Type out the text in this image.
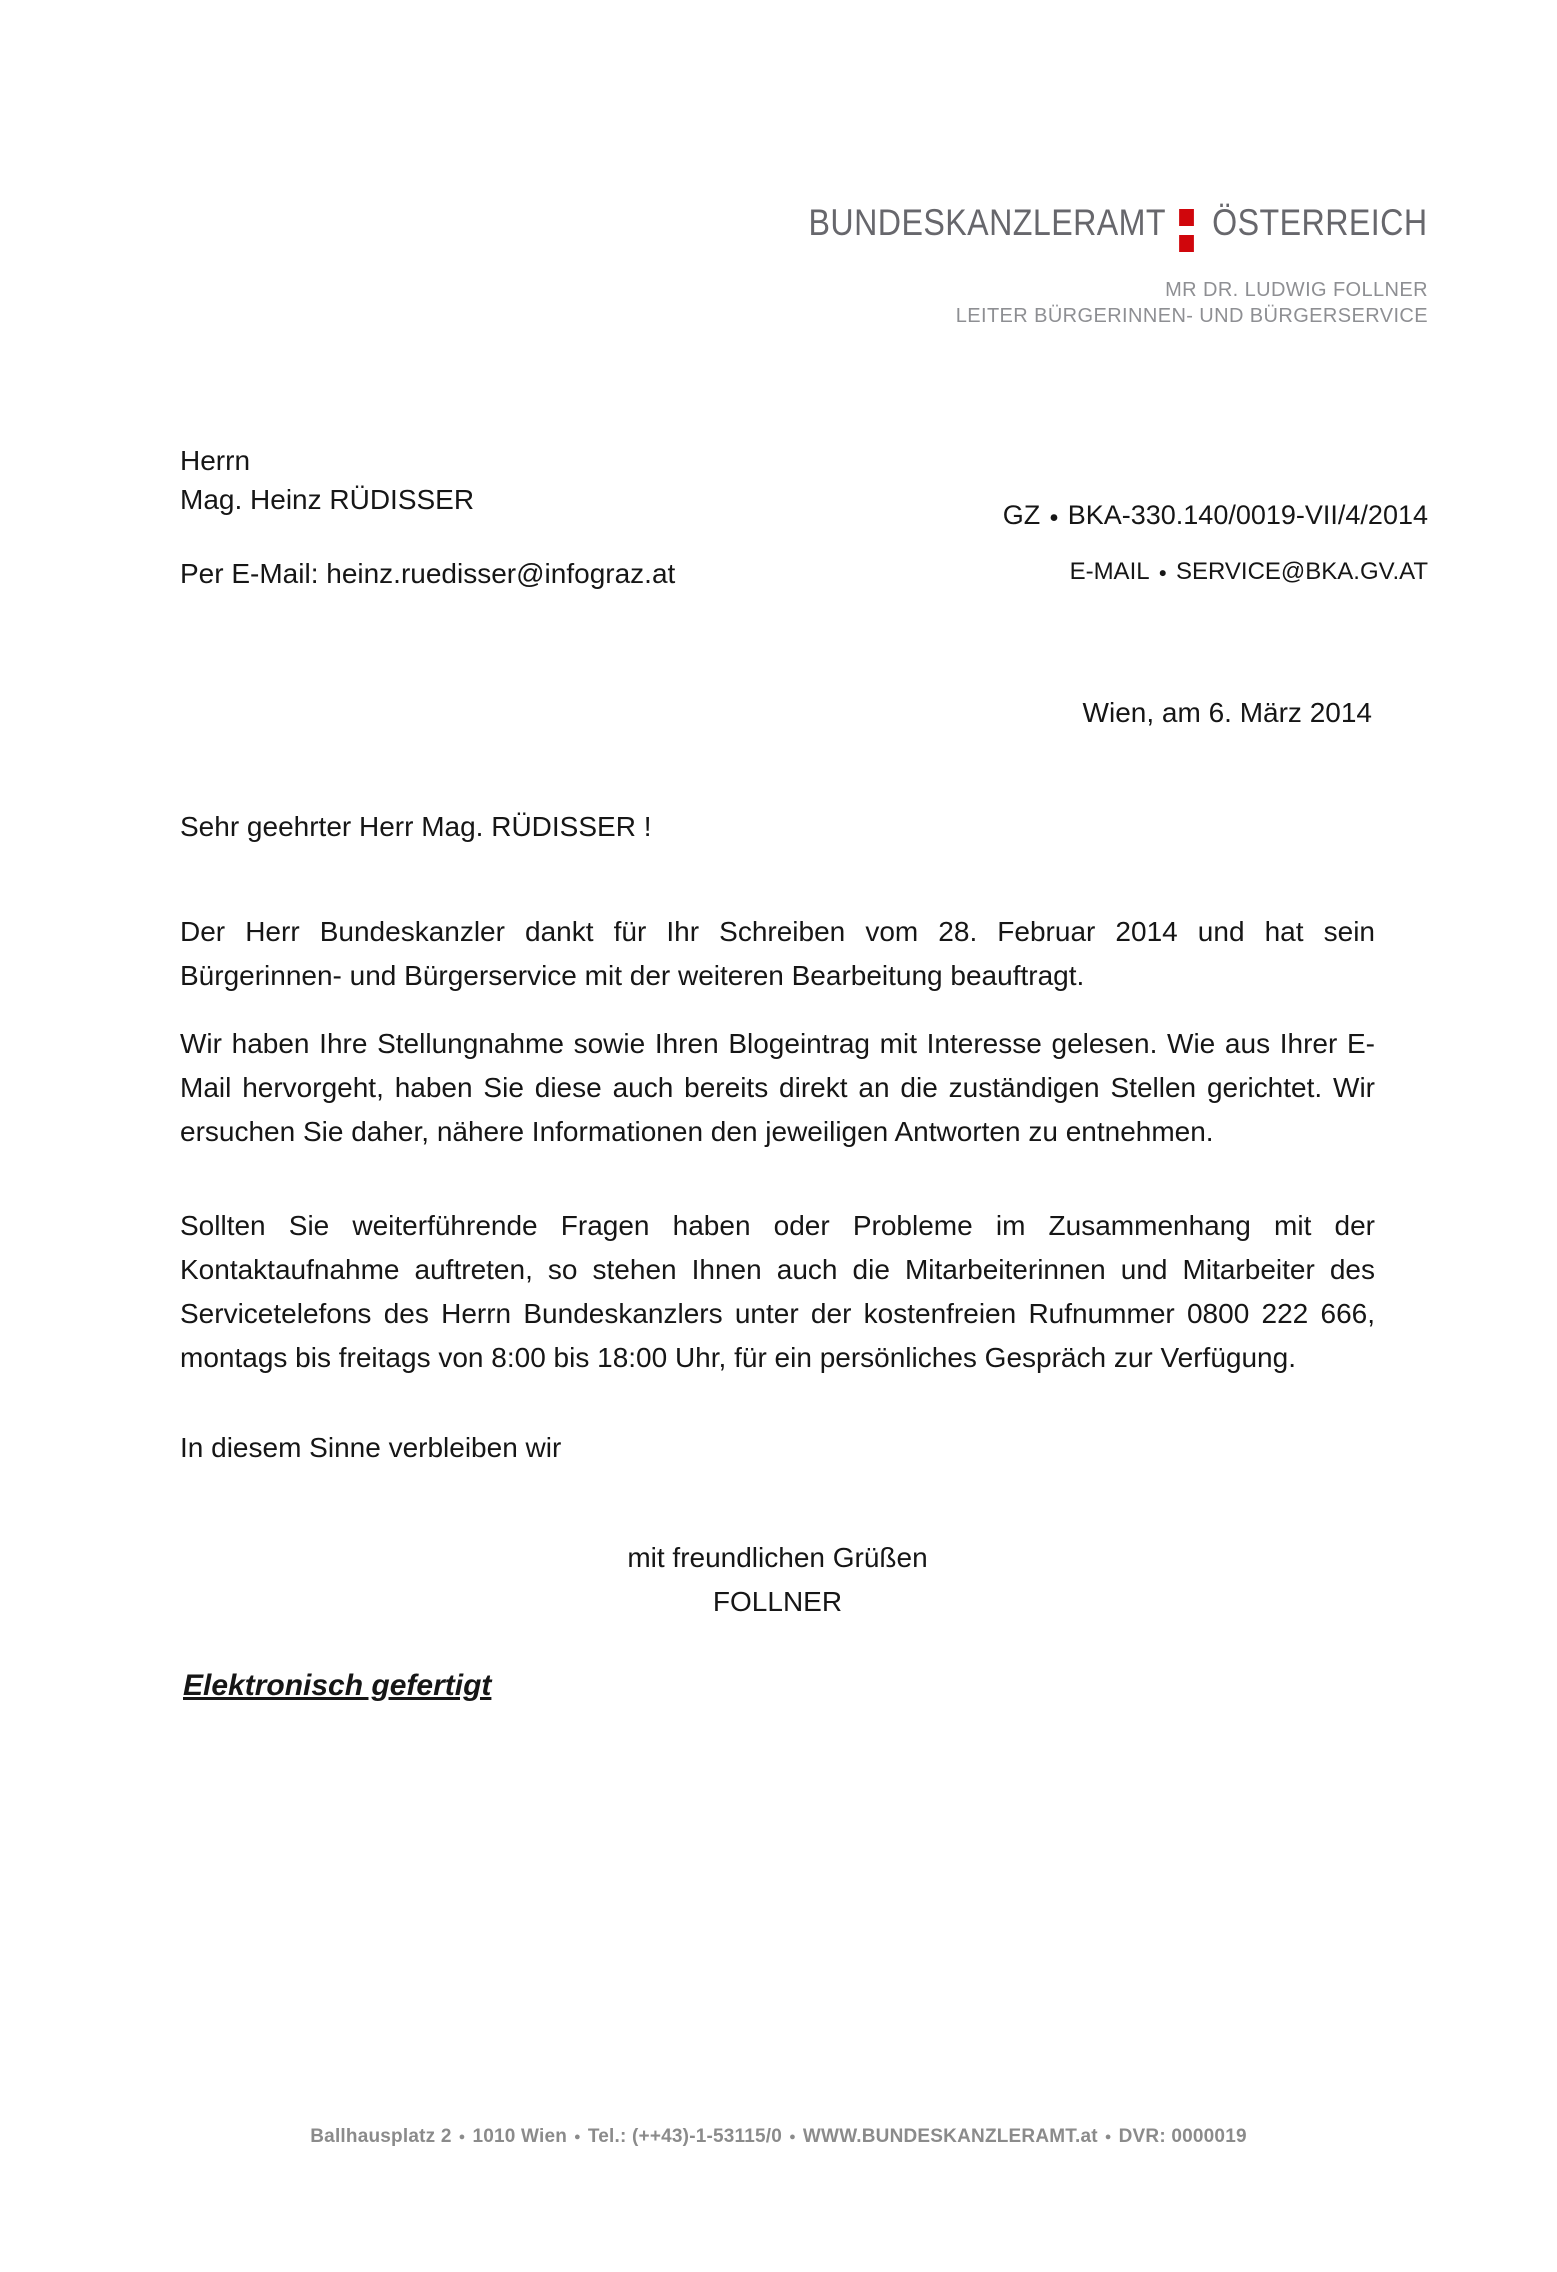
BUNDESKANZLERAMT ÖSTERREICH
MR DR. LUDWIG FOLLNER
LEITER BÜRGERINNEN- UND BÜRGERSERVICE
Herrn
Mag. Heinz RÜDISSER
Per E-Mail: heinz.ruedisser@infograz.at
GZ ● BKA-330.140/0019-VII/4/2014
E-MAIL ● SERVICE@BKA.GV.AT
Wien, am 6. März 2014
Sehr geehrter Herr Mag. RÜDISSER !

Der Herr Bundeskanzler dankt für Ihr Schreiben vom 28. Februar 2014 und hat sein Bürgerinnen- und Bürgerservice mit der weiteren Bearbeitung beauftragt.

Wir haben Ihre Stellungnahme sowie Ihren Blogeintrag mit Interesse gelesen. Wie aus Ihrer E-Mail hervorgeht, haben Sie diese auch bereits direkt an die zuständigen Stellen gerichtet. Wir ersuchen Sie daher, nähere Informationen den jeweiligen Antworten zu entnehmen.

Sollten Sie weiterführende Fragen haben oder Probleme im Zusammenhang mit der Kontaktaufnahme auftreten, so stehen Ihnen auch die Mitarbeiterinnen und Mitarbeiter des Servicetelefons des Herrn Bundeskanzlers unter der kostenfreien Rufnummer 0800 222 666, montags bis freitags von 8:00 bis 18:00 Uhr, für ein persönliches Gespräch zur Verfügung.

In diesem Sinne verbleiben wir

mit freundlichen Grüßen
FOLLNER
Elektronisch gefertigt
Ballhausplatz 2 ● 1010 Wien ● Tel.: (++43)-1-53115/0 ● WWW.BUNDESKANZLERAMT.at ● DVR: 0000019
